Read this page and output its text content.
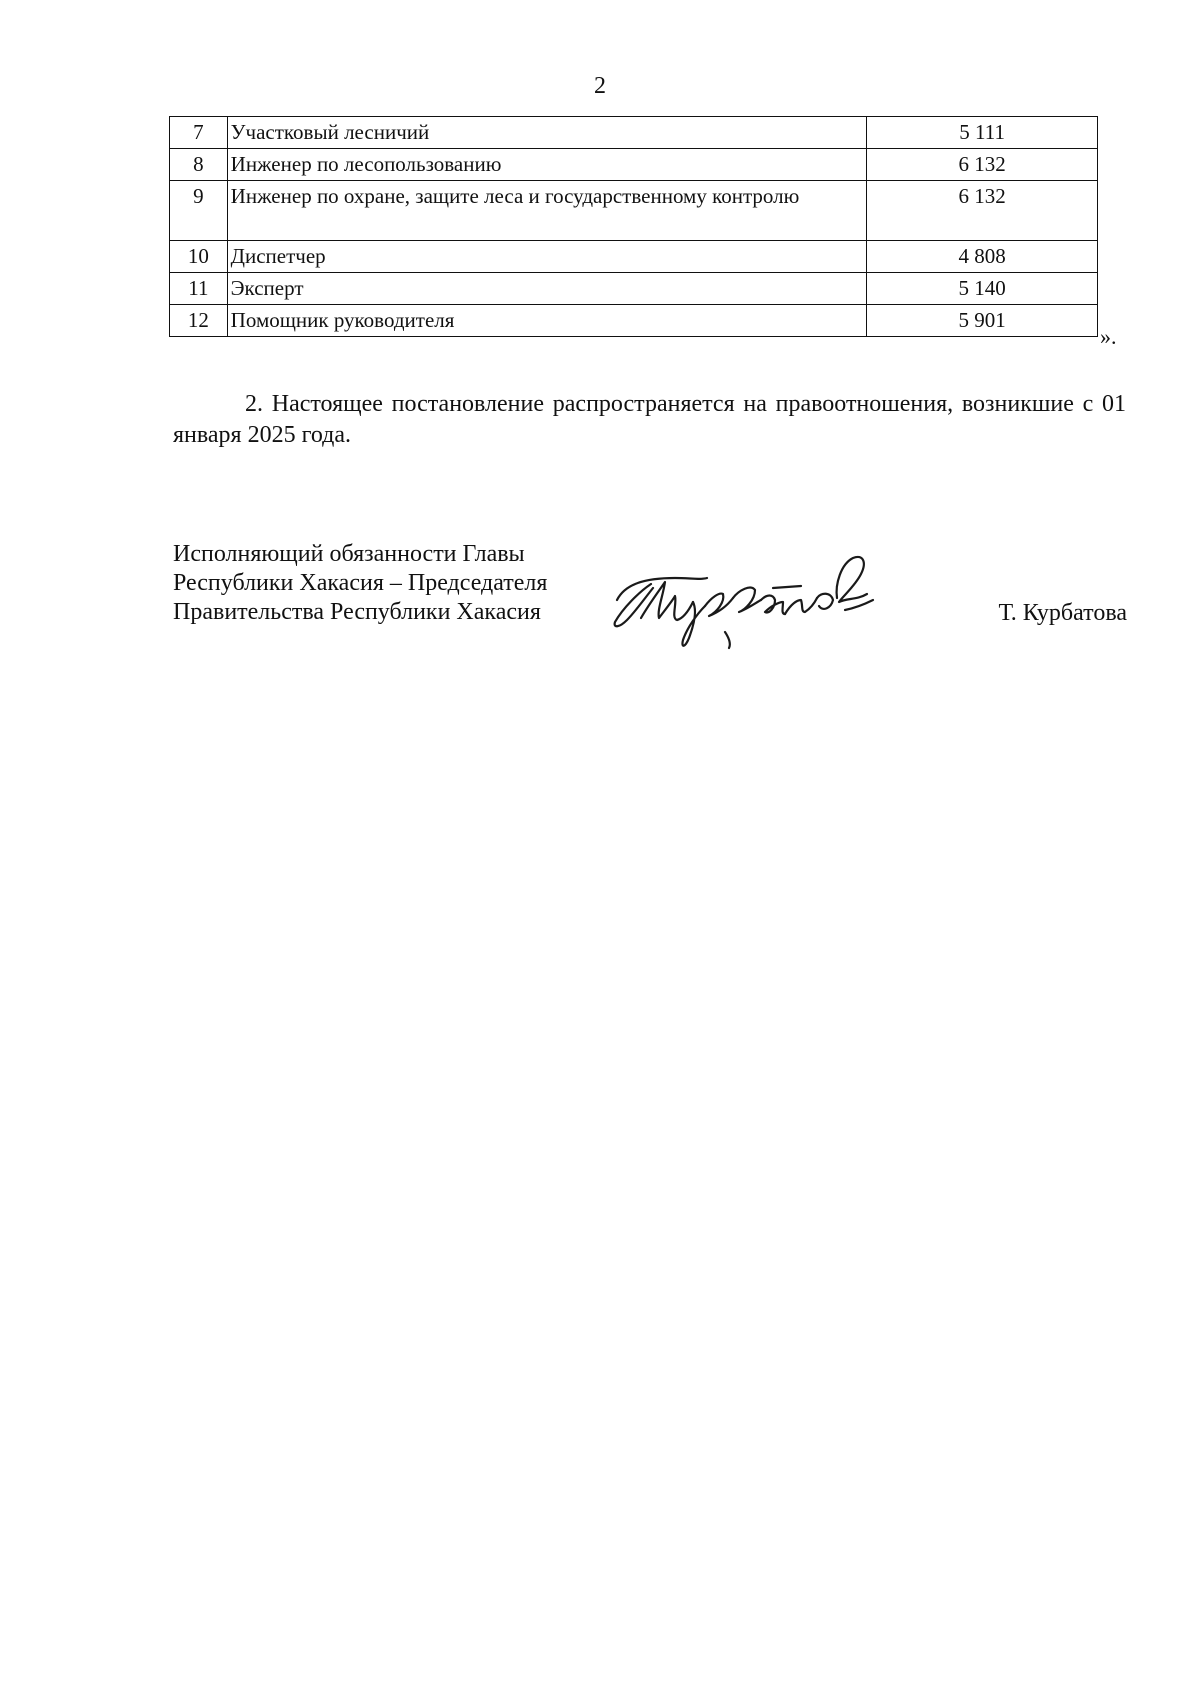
2
7	Участковый лесничий	5 111
8	Инженер по лесопользованию	6 132
9	Инженер по охране, защите леса и государственному контролю	6 132
10	Диспетчер	4 808
11	Эксперт	5 140
12	Помощник руководителя	5 901
».
2. Настоящее постановление распространяется на правоотношения, возникшие с 01 января 2025 года.
Исполняющий обязанности Главы
Республики Хакасия – Председателя
Правительства Республики Хакасия	Т. Курбатова
